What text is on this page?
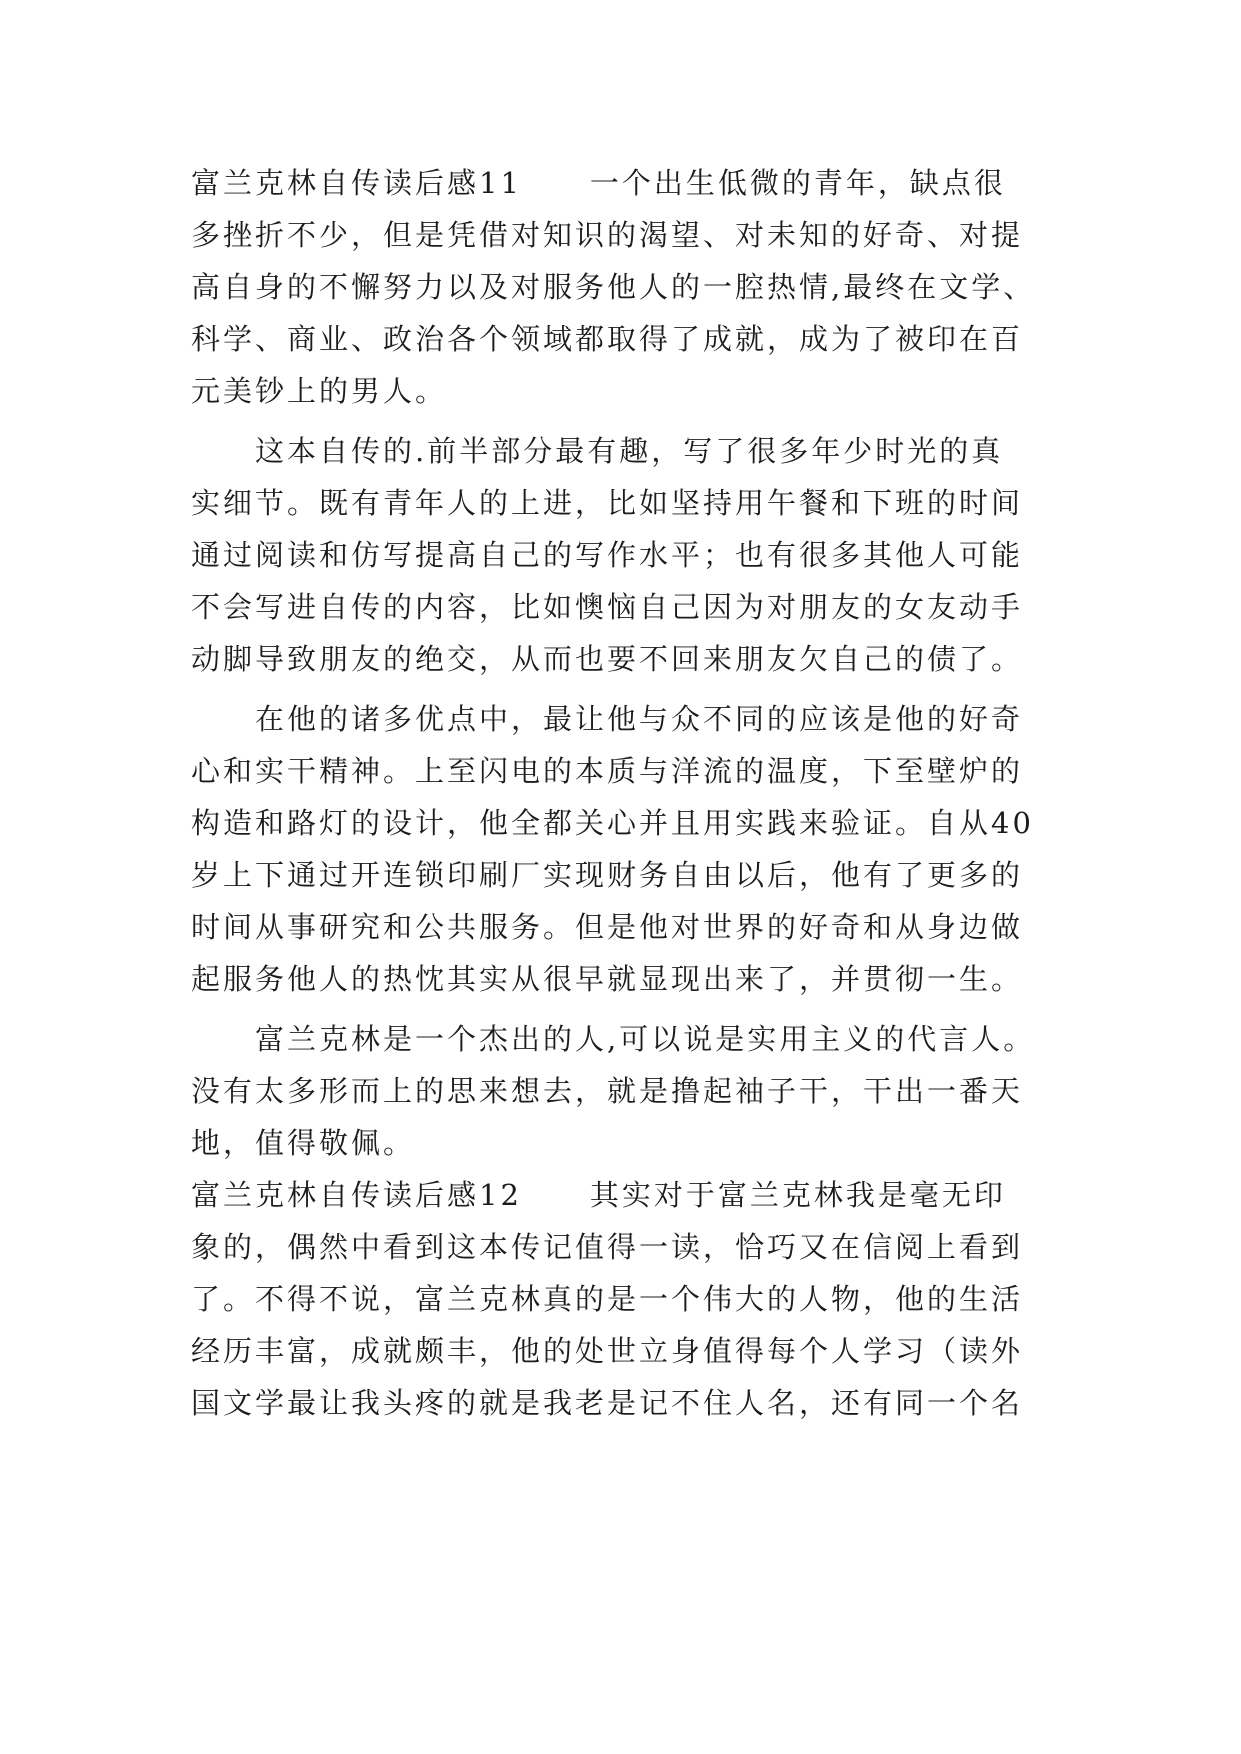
富兰克林自传读后感11 一个出生低微的青年，缺点很
多挫折不少，但是凭借对知识的渴望、对未知的好奇、对提
高自身的不懈努力以及对服务他人的一腔热情,最终在文学、
科学、商业、政治各个领域都取得了成就，成为了被印在百
元美钞上的男人。
这本自传的.前半部分最有趣，写了很多年少时光的真
实细节。既有青年人的上进，比如坚持用午餐和下班的时间
通过阅读和仿写提高自己的写作水平；也有很多其他人可能
不会写进自传的内容，比如懊恼自己因为对朋友的女友动手
动脚导致朋友的绝交，从而也要不回来朋友欠自己的债了。
在他的诸多优点中，最让他与众不同的应该是他的好奇
心和实干精神。上至闪电的本质与洋流的温度，下至壁炉的
构造和路灯的设计，他全都关心并且用实践来验证。自从40
岁上下通过开连锁印刷厂实现财务自由以后，他有了更多的
时间从事研究和公共服务。但是他对世界的好奇和从身边做
起服务他人的热忱其实从很早就显现出来了，并贯彻一生。
富兰克林是一个杰出的人,可以说是实用主义的代言人。
没有太多形而上的思来想去，就是撸起袖子干，干出一番天
地，值得敬佩。
富兰克林自传读后感12 其实对于富兰克林我是毫无印
象的，偶然中看到这本传记值得一读，恰巧又在信阅上看到
了。不得不说，富兰克林真的是一个伟大的人物，他的生活
经历丰富，成就颇丰，他的处世立身值得每个人学习（读外
国文学最让我头疼的就是我老是记不住人名，还有同一个名
